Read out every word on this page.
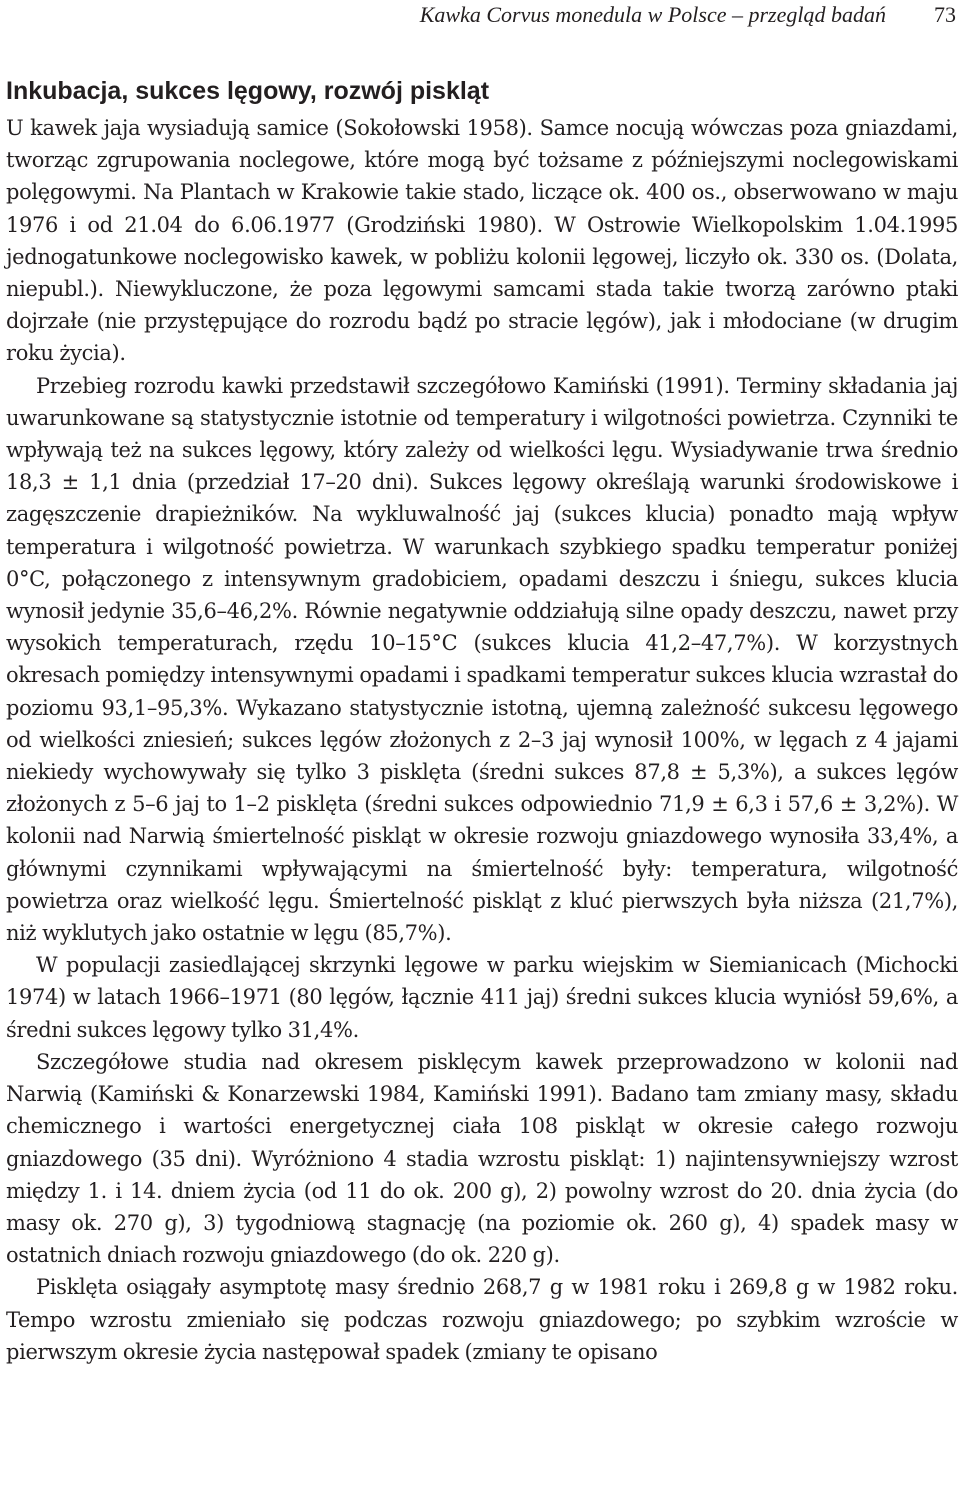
Kawka Corvus monedula w Polsce – przegląd badań 73
Inkubacja, sukces lęgowy, rozwój piskląt

U kawek jaja wysiadują samice (Sokołowski 1958). Samce nocują wówczas poza gniazdami, tworząc zgrupowania noclegowe, które mogą być tożsame z późniejszymi noclegowiskami polęgowymi. Na Plantach w Krakowie takie stado, liczące ok. 400 os., obserwowano w maju 1976 i od 21.04 do 6.06.1977 (Grodziński 1980). W Ostrowie Wielkopolskim 1.04.1995 jednogatunkowe noclegowisko kawek, w pobliżu kolonii lęgowej, liczyło ok. 330 os. (Dolata, niepubl.). Niewykluczone, że poza lęgowymi samcami stada takie tworzą zarówno ptaki dojrzałe (nie przystępujące do rozrodu bądź po stracie lęgów), jak i młodociane (w drugim roku życia).

Przebieg rozrodu kawki przedstawił szczegółowo Kamiński (1991). Terminy składania jaj uwarunkowane są statystycznie istotnie od temperatury i wilgotności powietrza. Czynniki te wpływają też na sukces lęgowy, który zależy od wielkości lęgu. Wysiadywanie trwa średnio 18,3 ± 1,1 dnia (przedział 17–20 dni). Sukces lęgowy określają warunki środowiskowe i zagęszczenie drapieżników. Na wykluwalność jaj (sukces klucia) ponadto mają wpływ temperatura i wilgotność powietrza. W warunkach szybkiego spadku temperatur poniżej 0°C, połączonego z intensywnym gradobiciem, opadami deszczu i śniegu, sukces klucia wynosił jedynie 35,6–46,2%. Równie negatywnie oddziałują silne opady deszczu, nawet przy wysokich temperaturach, rzędu 10–15°C (sukces klucia 41,2–47,7%). W korzystnych okresach pomiędzy intensywnymi opadami i spadkami temperatur sukces klucia wzrastał do poziomu 93,1–95,3%. Wykazano statystycznie istotną, ujemną zależność sukcesu lęgowego od wielkości zniesień; sukces lęgów złożonych z 2–3 jaj wynosił 100%, w lęgach z 4 jajami niekiedy wychowywały się tylko 3 pisklęta (średni sukces 87,8 ± 5,3%), a sukces lęgów złożonych z 5–6 jaj to 1–2 pisklęta (średni sukces odpowiednio 71,9 ± 6,3 i 57,6 ± 3,2%). W kolonii nad Narwią śmiertelność piskląt w okresie rozwoju gniazdowego wynosiła 33,4%, a głównymi czynnikami wpływającymi na śmiertelność były: temperatura, wilgotność powietrza oraz wielkość lęgu. Śmiertelność piskląt z kluć pierwszych była niższa (21,7%), niż wyklutych jako ostatnie w lęgu (85,7%).

W populacji zasiedlającej skrzynki lęgowe w parku wiejskim w Siemianicach (Michocki 1974) w latach 1966–1971 (80 lęgów, łącznie 411 jaj) średni sukces klucia wyniósł 59,6%, a średni sukces lęgowy tylko 31,4%.

Szczegółowe studia nad okresem pisklęcym kawek przeprowadzono w kolonii nad Narwią (Kamiński & Konarzewski 1984, Kamiński 1991). Badano tam zmiany masy, składu chemicznego i wartości energetycznej ciała 108 piskląt w okresie całego rozwoju gniazdowego (35 dni). Wyróżniono 4 stadia wzrostu piskląt: 1) najintensywniejszy wzrost między 1. i 14. dniem życia (od 11 do ok. 200 g), 2) powolny wzrost do 20. dnia życia (do masy ok. 270 g), 3) tygodniową stagnację (na poziomie ok. 260 g), 4) spadek masy w ostatnich dniach rozwoju gniazdowego (do ok. 220 g).

Pisklęta osiągały asymptotę masy średnio 268,7 g w 1981 roku i 269,8 g w 1982 roku. Tempo wzrostu zmieniało się podczas rozwoju gniazdowego; po szybkim wzroście w pierwszym okresie życia następował spadek (zmiany te opisano
